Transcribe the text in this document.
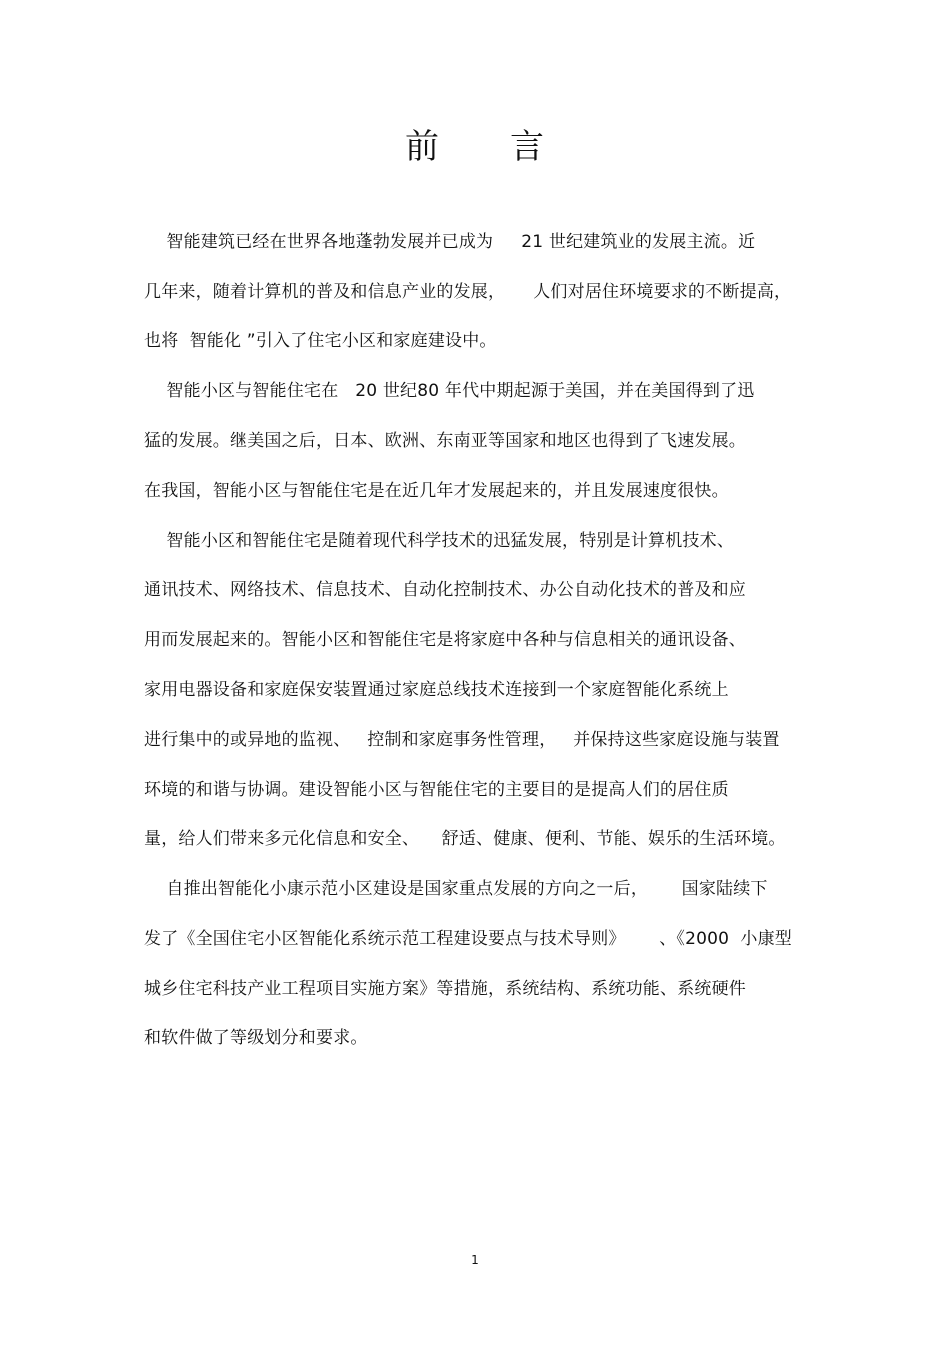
前 言
智能建筑已经在世界各地蓬勃发展并已成为     21 世纪建筑业的发展主流。近
几年来，随着计算机的普及和信息产业的发展，     人们对居住环境要求的不断提高，
也将  智能化 ”引入了住宅小区和家庭建设中。
智能小区与智能住宅在   20 世纪80 年代中期起源于美国，并在美国得到了迅
猛的发展。继美国之后，日本、欧洲、东南亚等国家和地区也得到了飞速发展。
在我国，智能小区与智能住宅是在近几年才发展起来的，并且发展速度很快。
智能小区和智能住宅是随着现代科学技术的迅猛发展，特别是计算机技术、
通讯技术、网络技术、信息技术、自动化控制技术、办公自动化技术的普及和应
用而发展起来的。智能小区和智能住宅是将家庭中各种与信息相关的通讯设备、
家用电器设备和家庭保安装置通过家庭总线技术连接到一个家庭智能化系统上
进行集中的或异地的监视、   控制和家庭事务性管理，   并保持这些家庭设施与装置
环境的和谐与协调。建设智能小区与智能住宅的主要目的是提高人们的居住质
量，给人们带来多元化信息和安全、    舒适、健康、便利、节能、娱乐的生活环境。
自推出智能化小康示范小区建设是国家重点发展的方向之一后，      国家陆续下
发了《全国住宅小区智能化系统示范工程建设要点与技术导则》      、《2000  小康型
城乡住宅科技产业工程项目实施方案》等措施，系统结构、系统功能、系统硬件
和软件做了等级划分和要求。
1
